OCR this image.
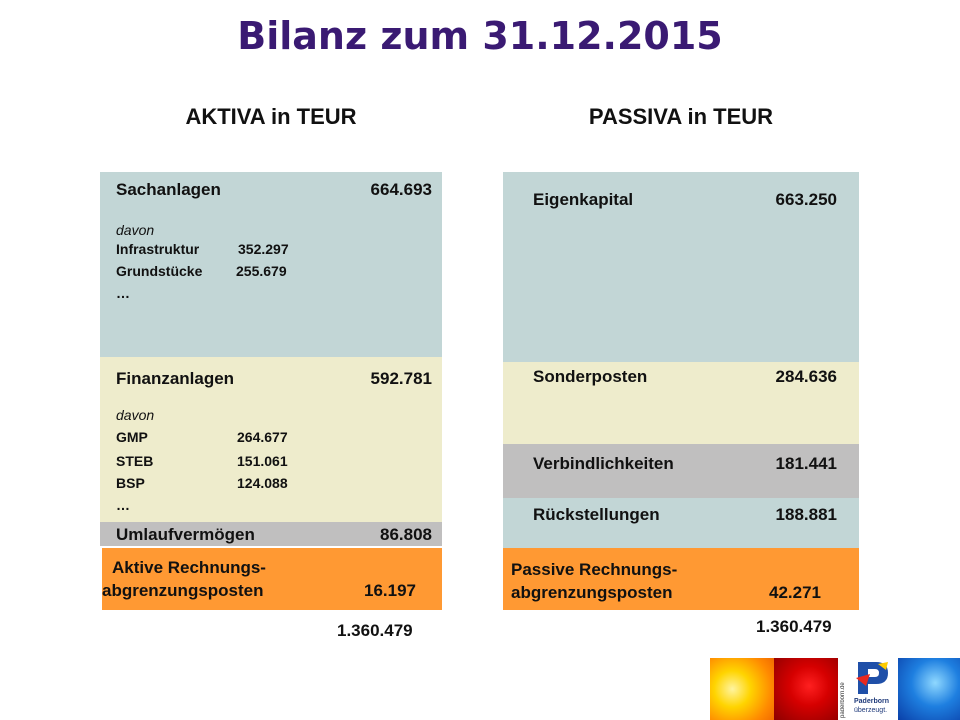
Bilanz zum 31.12.2015
AKTIVA in TEUR	PASSIVA in TEUR
Sachanlagen	664.693
davon
Infrastruktur	352.297
Grundstücke 255.679
…
Finanzanlagen	592.781
davon
GMP	264.677
STEB	151.061
BSP	124.088
…
Umlaufvermögen	86.808
Aktive Rechnungs-
abgrenzungsposten	16.197
1.360.479
Eigenkapital	663.250
Sonderposten	284.636
Verbindlichkeiten	181.441
Rückstellungen	188.881
Passive Rechnungs-
abgrenzungsposten	42.271
1.360.479
paderborn.de	Paderborn
überzeugt.
